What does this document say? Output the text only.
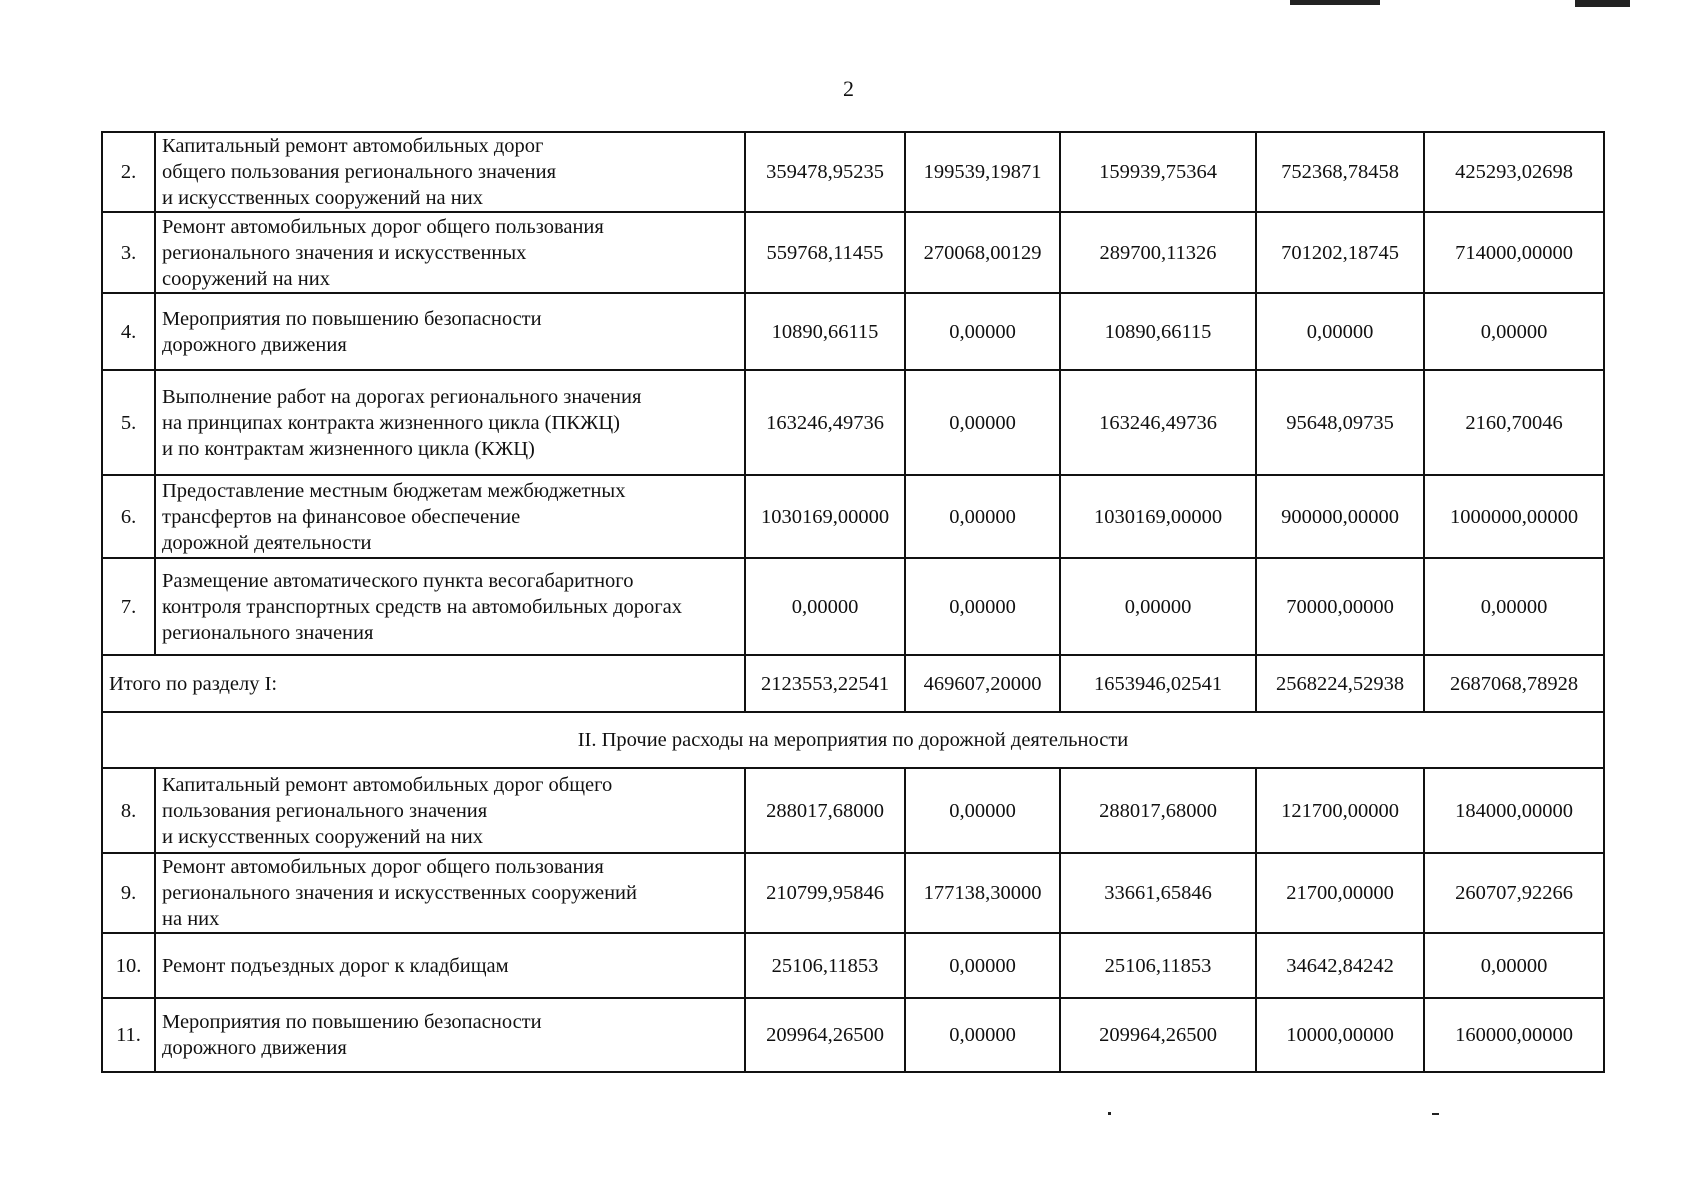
2
2.	Капитальный ремонт автомобильных дорог
общего пользования регионального значения
и искусственных сооружений на них	359478,95235	199539,19871	159939,75364	752368,78458	425293,02698
3.	Ремонт автомобильных дорог общего пользования
регионального значения и искусственных
сооружений на них	559768,11455	270068,00129	289700,11326	701202,18745	714000,00000
4.	Мероприятия по повышению безопасности
дорожного движения	10890,66115	0,00000	10890,66115	0,00000	0,00000
5.	Выполнение работ на дорогах регионального значения
на принципах контракта жизненного цикла (ПКЖЦ)
и по контрактам жизненного цикла (КЖЦ)	163246,49736	0,00000	163246,49736	95648,09735	2160,70046
6.	Предоставление местным бюджетам межбюджетных
трансфертов на финансовое обеспечение
дорожной деятельности	1030169,00000	0,00000	1030169,00000	900000,00000	1000000,00000
7.	Размещение автоматического пункта весогабаритного
контроля транспортных средств на автомобильных дорогах
регионального значения	0,00000	0,00000	0,00000	70000,00000	0,00000
Итого по разделу I:		2123553,22541	469607,20000	1653946,02541	2568224,52938	2687068,78928
II. Прочие расходы на мероприятия по дорожной деятельности						
8.	Капитальный ремонт автомобильных дорог общего
пользования регионального значения
и искусственных сооружений на них	288017,68000	0,00000	288017,68000	121700,00000	184000,00000
9.	Ремонт автомобильных дорог общего пользования
регионального значения и искусственных сооружений
на них	210799,95846	177138,30000	33661,65846	21700,00000	260707,92266
10.	Ремонт подъездных дорог к кладбищам	25106,11853	0,00000	25106,11853	34642,84242	0,00000
11.	Мероприятия по повышению безопасности
дорожного движения	209964,26500	0,00000	209964,26500	10000,00000	160000,00000
